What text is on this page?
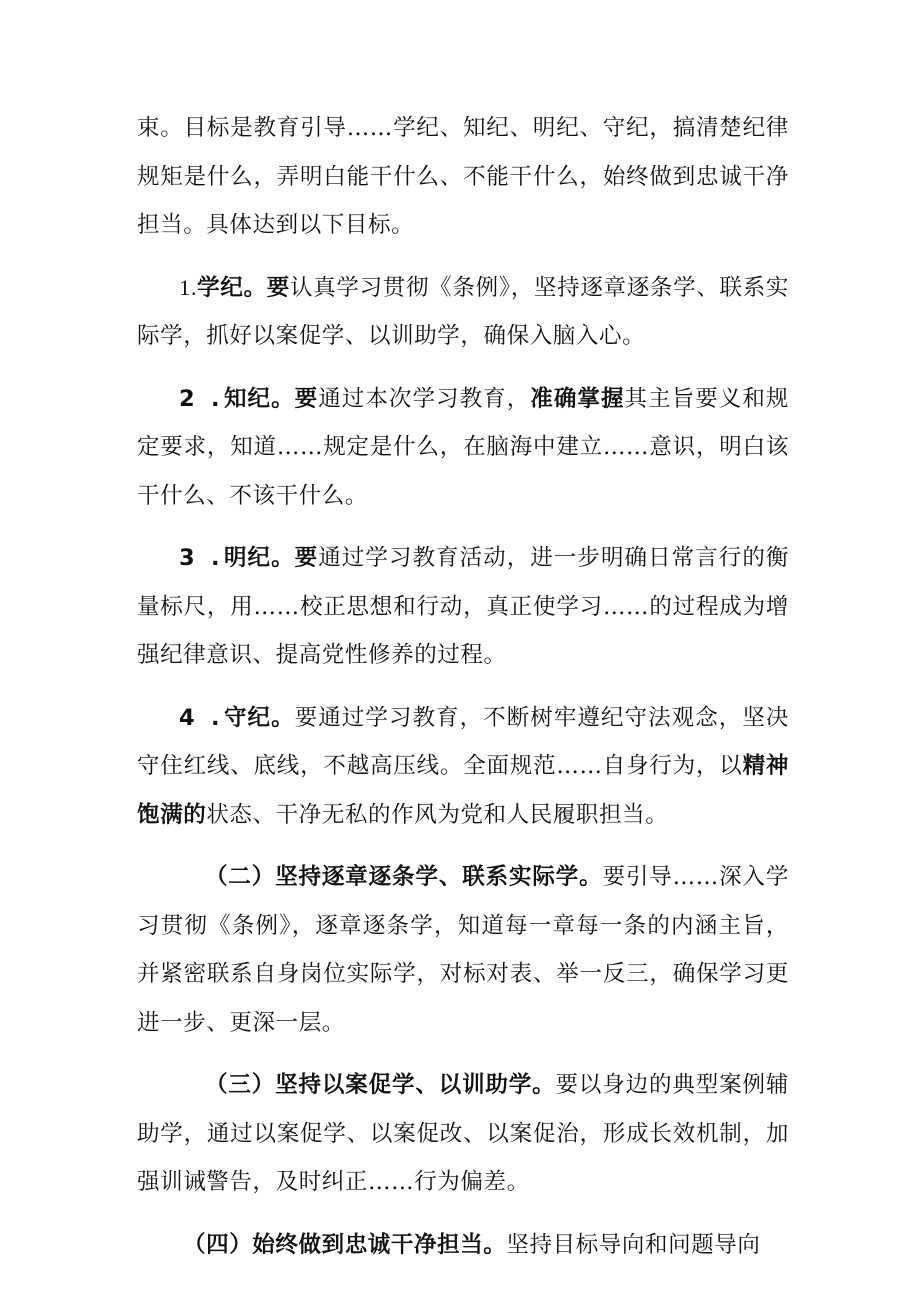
束。目标是教育引导……学纪、知纪、明纪、守纪，搞清楚纪律规矩是什么，弄明白能干什么、不能干什么，始终做到忠诚干净担当。具体达到以下目标。

1.学纪。要认真学习贯彻《条例》，坚持逐章逐条学、联系实际学，抓好以案促学、以训助学，确保入脑入心。

2 .知纪。要通过本次学习教育，准确掌握其主旨要义和规定要求，知道……规定是什么，在脑海中建立……意识，明白该干什么、不该干什么。

3 .明纪。要通过学习教育活动，进一步明确日常言行的衡量标尺，用……校正思想和行动，真正使学习……的过程成为增强纪律意识、提高党性修养的过程。

4 .守纪。要通过学习教育，不断树牢遵纪守法观念，坚决守住红线、底线，不越高压线。全面规范……自身行为，以精神饱满的状态、干净无私的作风为党和人民履职担当。

（二）坚持逐章逐条学、联系实际学。要引导……深入学习贯彻《条例》，逐章逐条学，知道每一章每一条的内涵主旨，并紧密联系自身岗位实际学，对标对表、举一反三，确保学习更进一步、更深一层。

（三）坚持以案促学、以训助学。要以身边的典型案例辅助学，通过以案促学、以案促改、以案促治，形成长效机制，加强训诫警告，及时纠正……行为偏差。

（四）始终做到忠诚干净担当。坚持目标导向和问题导向
